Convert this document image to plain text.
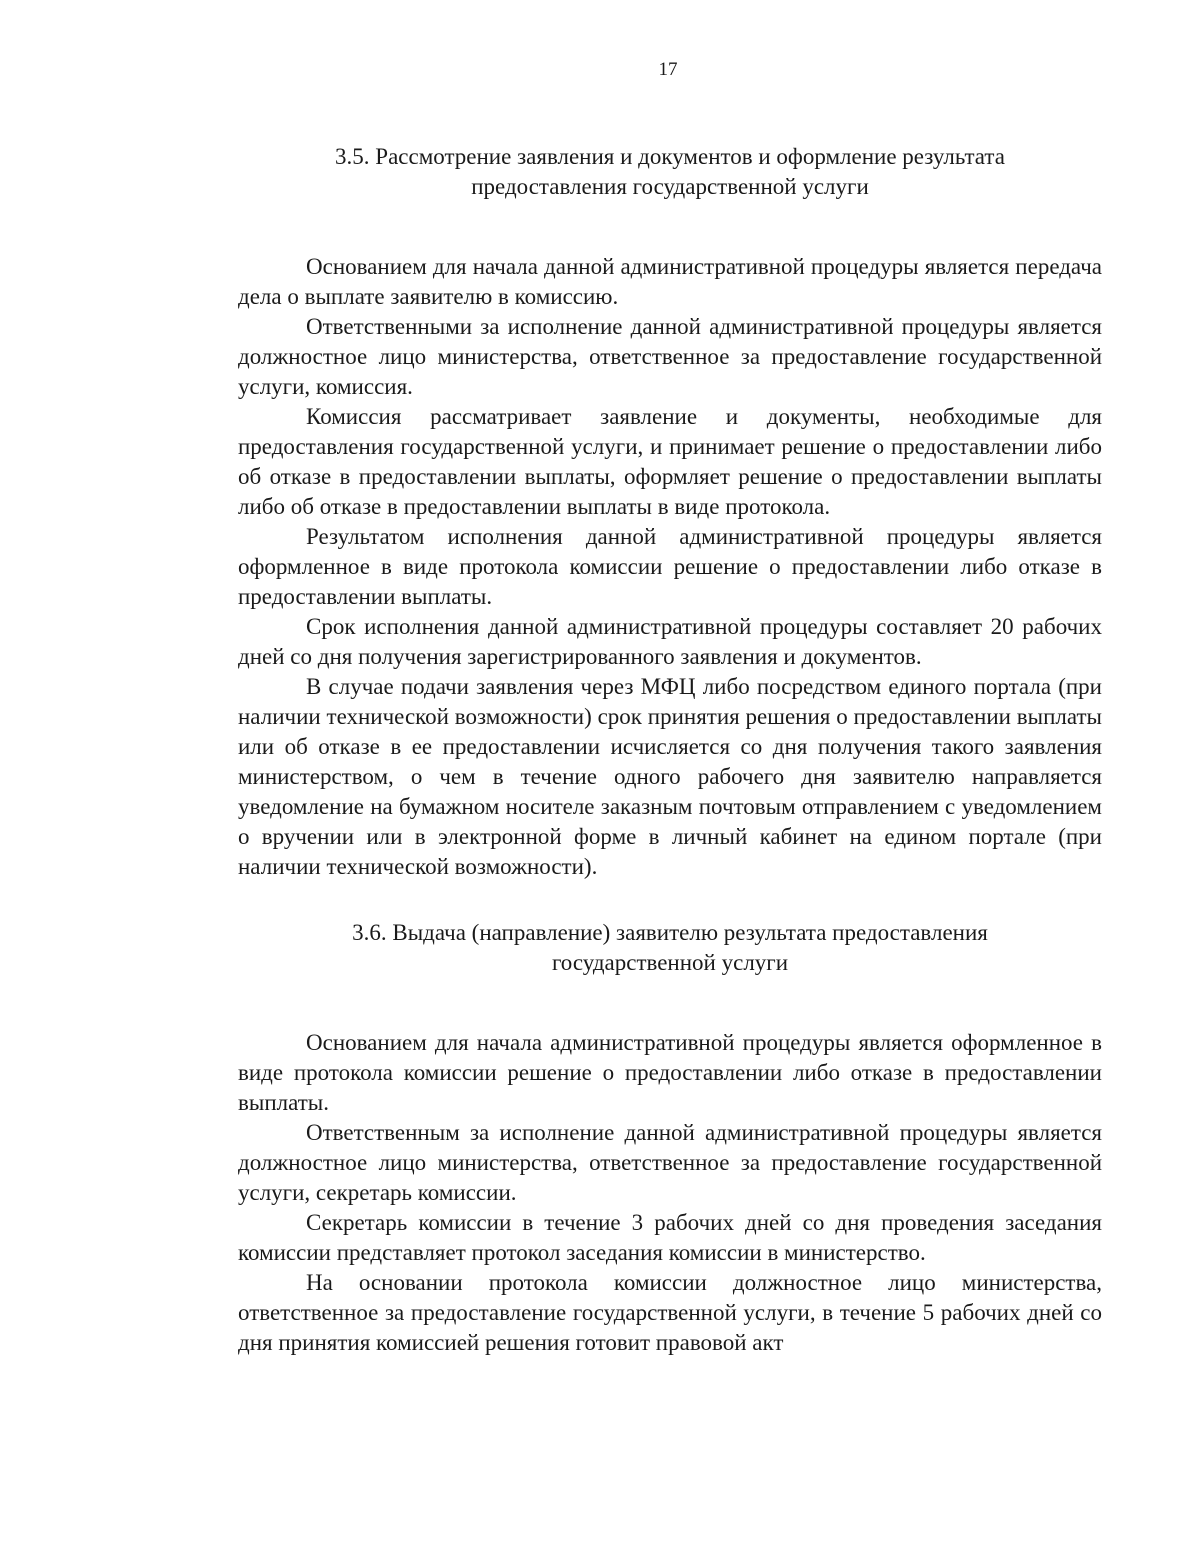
17
3.5. Рассмотрение заявления и документов и оформление результата
предоставления государственной услуги

Основанием для начала данной административной процедуры является передача дела о выплате заявителю в комиссию.

Ответственными за исполнение данной административной процедуры является должностное лицо министерства, ответственное за предоставление государственной услуги, комиссия.

Комиссия рассматривает заявление и документы, необходимые для предоставления государственной услуги, и принимает решение о предоставлении либо об отказе в предоставлении выплаты, оформляет решение о предоставлении выплаты либо об отказе в предоставлении выплаты в виде протокола.

Результатом исполнения данной административной процедуры является оформленное в виде протокола комиссии решение о предоставлении либо отказе в предоставлении выплаты.

Срок исполнения данной административной процедуры составляет 20 рабочих дней со дня получения зарегистрированного заявления и документов.

В случае подачи заявления через МФЦ либо посредством единого портала (при наличии технической возможности) срок принятия решения о предоставлении выплаты или об отказе в ее предоставлении исчисляется со дня получения такого заявления министерством, о чем в течение одного рабочего дня заявителю направляется уведомление на бумажном носителе заказным почтовым отправлением с уведомлением о вручении или в электронной форме в личный кабинет на едином портале (при наличии технической возможности).

3.6. Выдача (направление) заявителю результата предоставления
государственной услуги

Основанием для начала административной процедуры является оформленное в виде протокола комиссии решение о предоставлении либо отказе в предоставлении выплаты.

Ответственным за исполнение данной административной процедуры является должностное лицо министерства, ответственное за предоставление государственной услуги, секретарь комиссии.

Секретарь комиссии в течение 3 рабочих дней со дня проведения заседания комиссии представляет протокол заседания комиссии в министерство.

На основании протокола комиссии должностное лицо министерства, ответственное за предоставление государственной услуги, в течение 5 рабочих дней со дня принятия комиссией решения готовит правовой акт
